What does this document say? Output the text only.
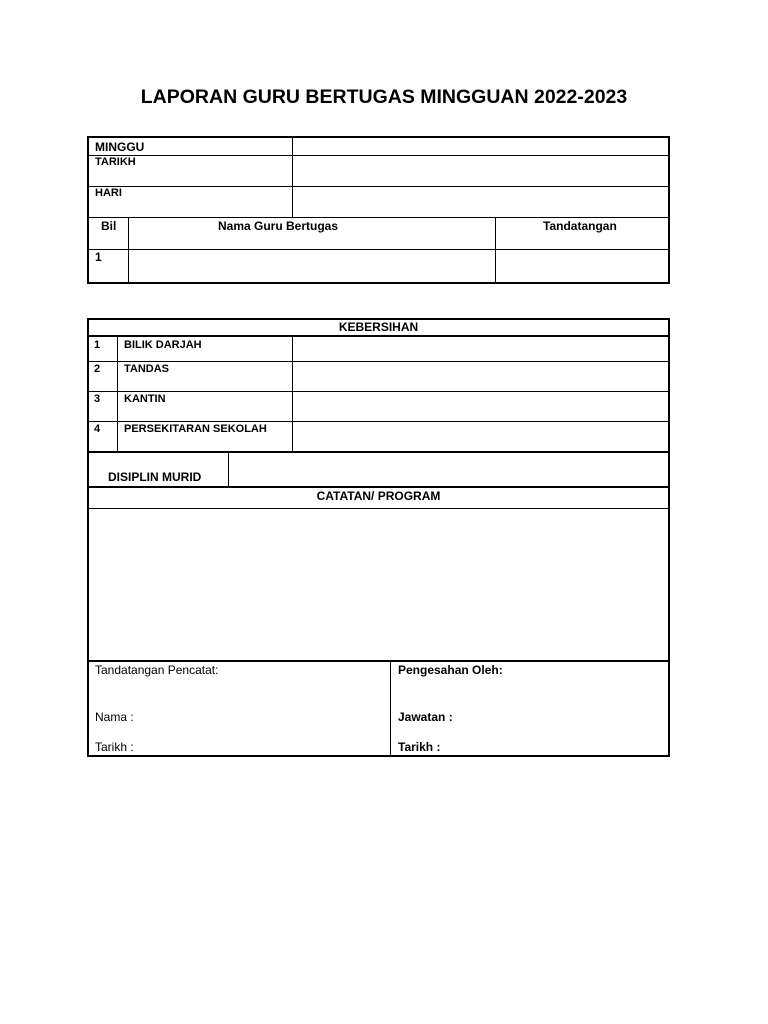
LAPORAN GURU BERTUGAS MINGGUAN 2022-2023
MINGGU
TARIKH
HARI
Bil	Nama Guru Bertugas	Tandatangan
1
KEBERSIHAN
1 BILIK DARJAH
2 TANDAS
3 KANTIN
4 PERSEKITARAN SEKOLAH
DISIPLIN MURID
CATATAN/ PROGRAM
Tandatangan Pencatat:
Nama :
Tarikh :
Pengesahan Oleh:
Jawatan :
Tarikh :
